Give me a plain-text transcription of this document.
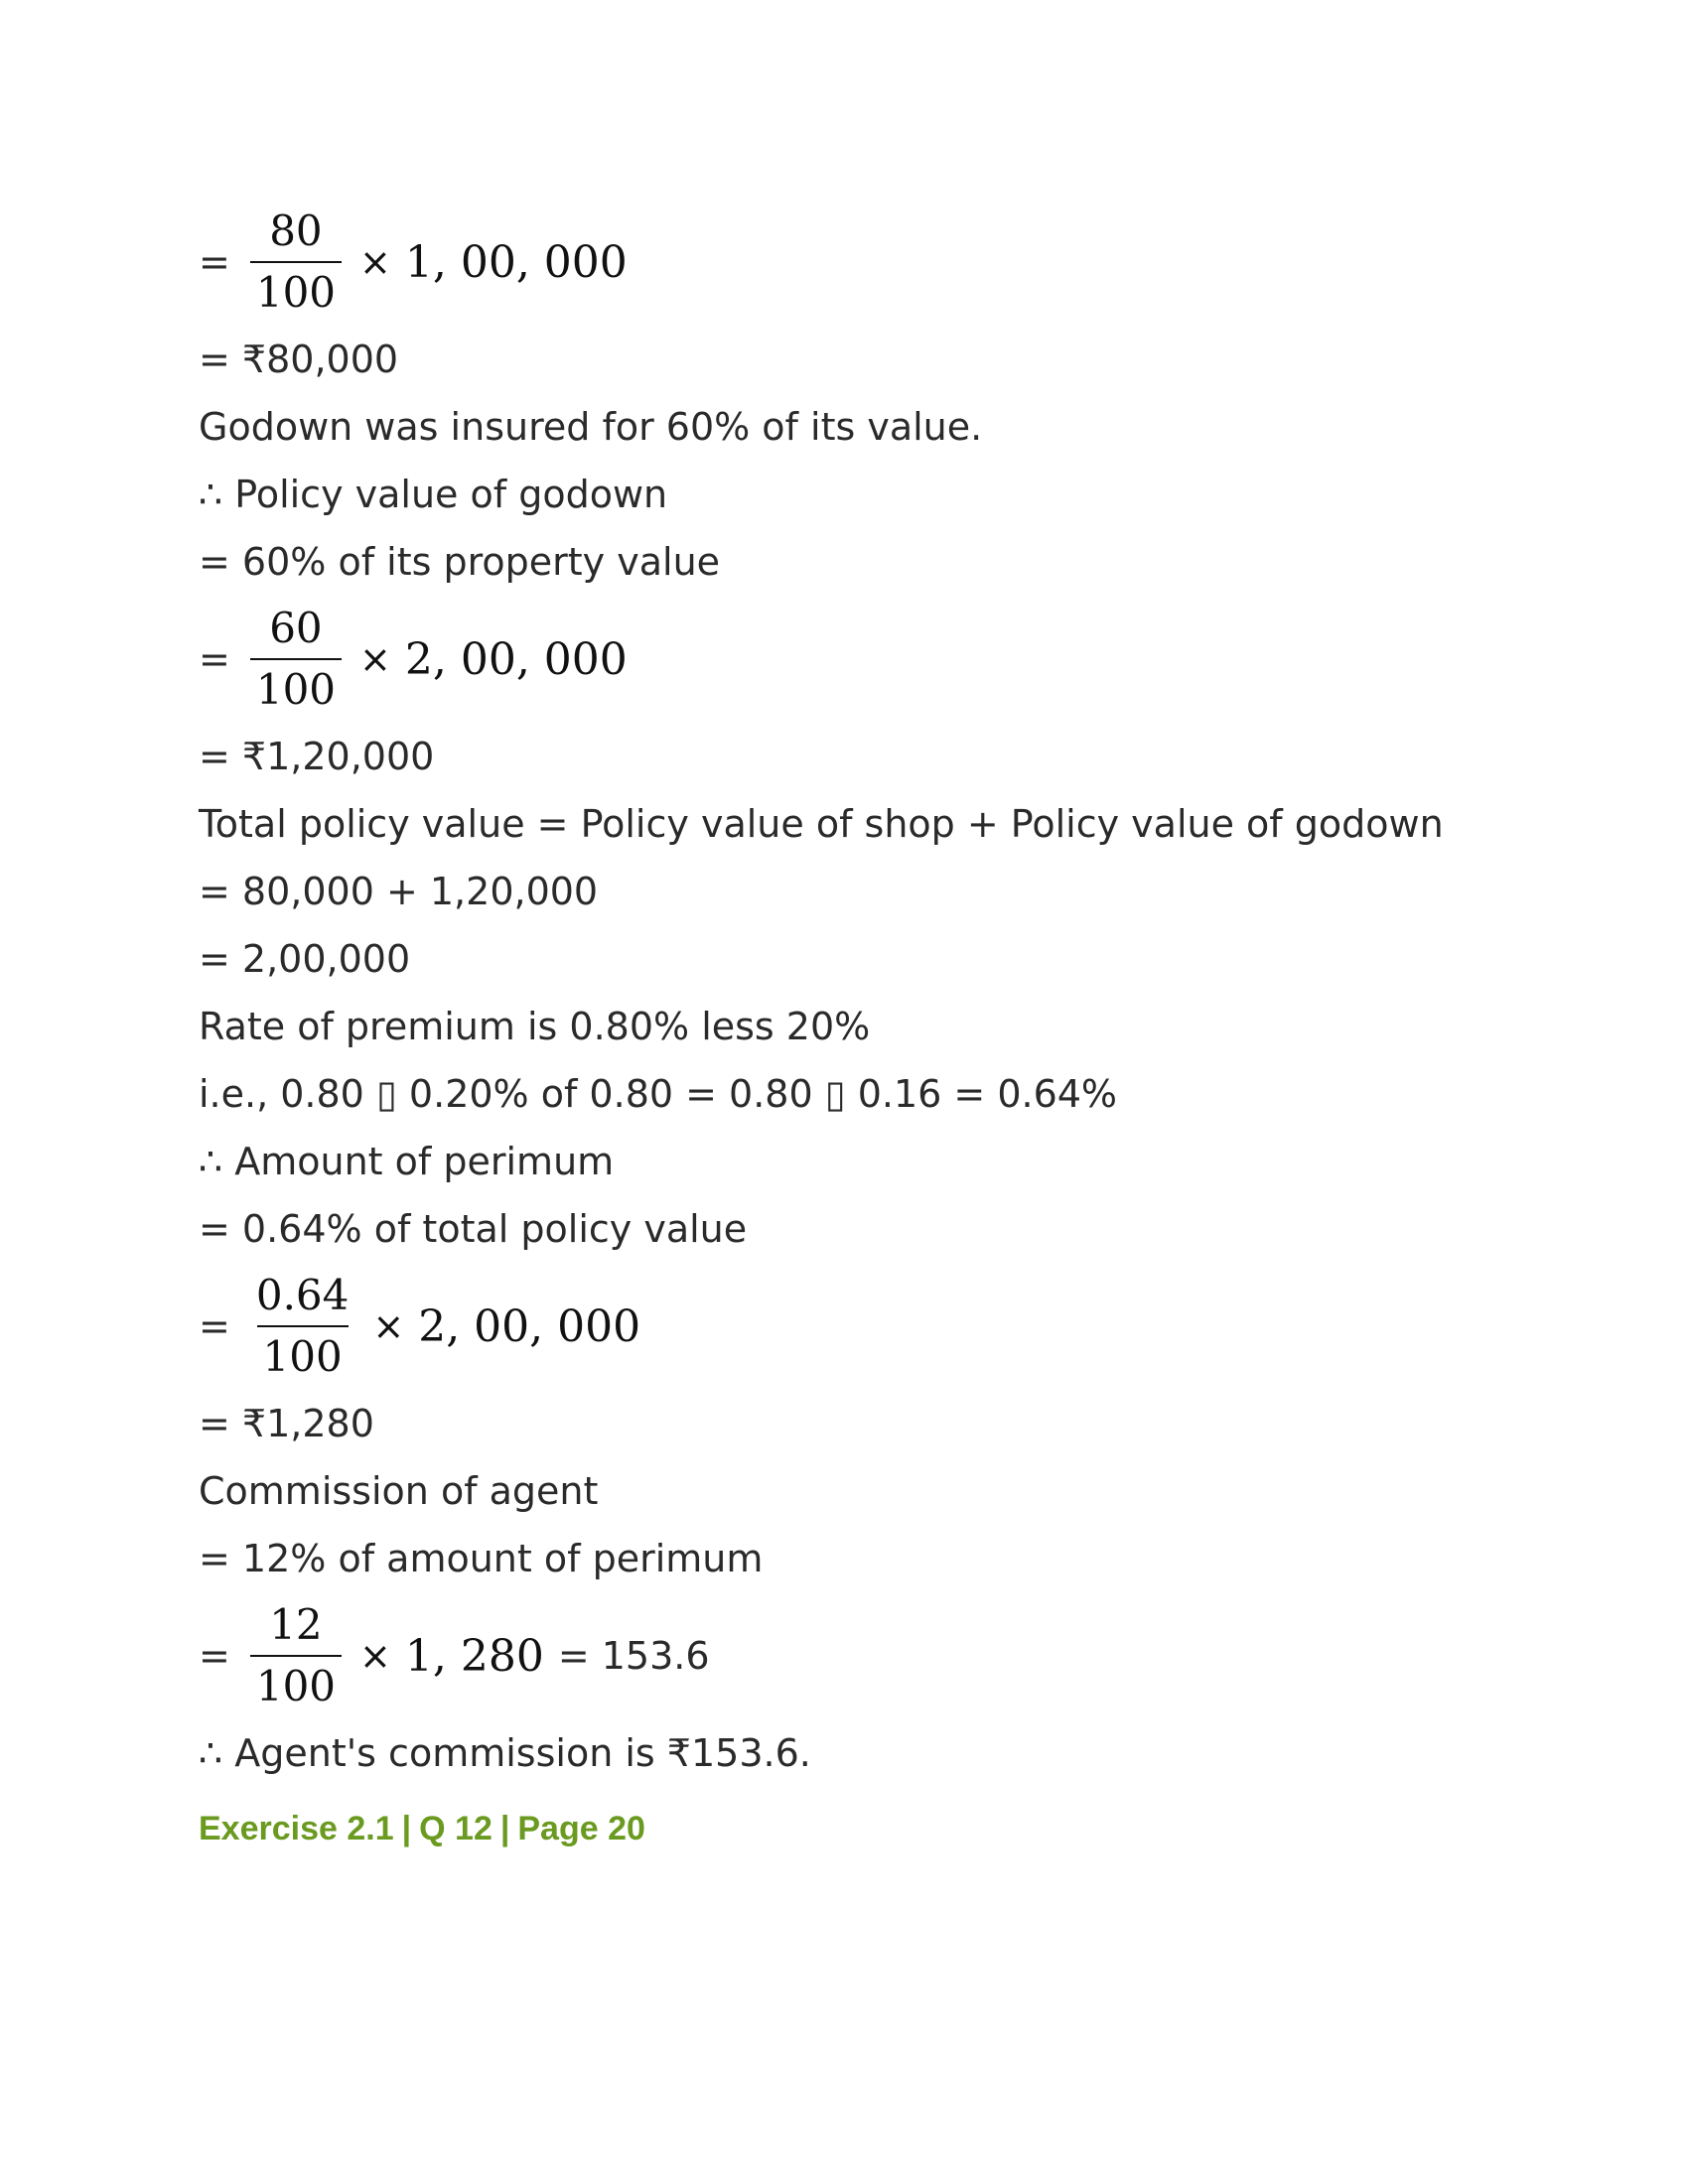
= $\frac{80}{100} \times 1$, 00, 000
= ₹80,000
Godown was insured for 60% of its value.
∴ Policy value of godown
= 60% of its property value
= $\frac{60}{100} \times 2$, 00, 000
= ₹1,20,000
Total policy value = Policy value of shop + Policy value of godown
= 80,000 + 1,20,000
= 2,00,000
Rate of premium is 0.80% less 20%
i.e., 0.80 ▯ 0.20% of 0.80 = 0.80 ▯ 0.16 = 0.64%
∴ Amount of perimum
= 0.64% of total policy value
= $\frac{0.64}{100} \times 2$, 00, 000
= ₹1,280
Commission of agent
= 12% of amount of perimum
= $\frac{12}{100} \times 1$, 280 = 153.6
∴ Agent's commission is ₹153.6.
Exercise 2.1 | Q 12 | Page 20
